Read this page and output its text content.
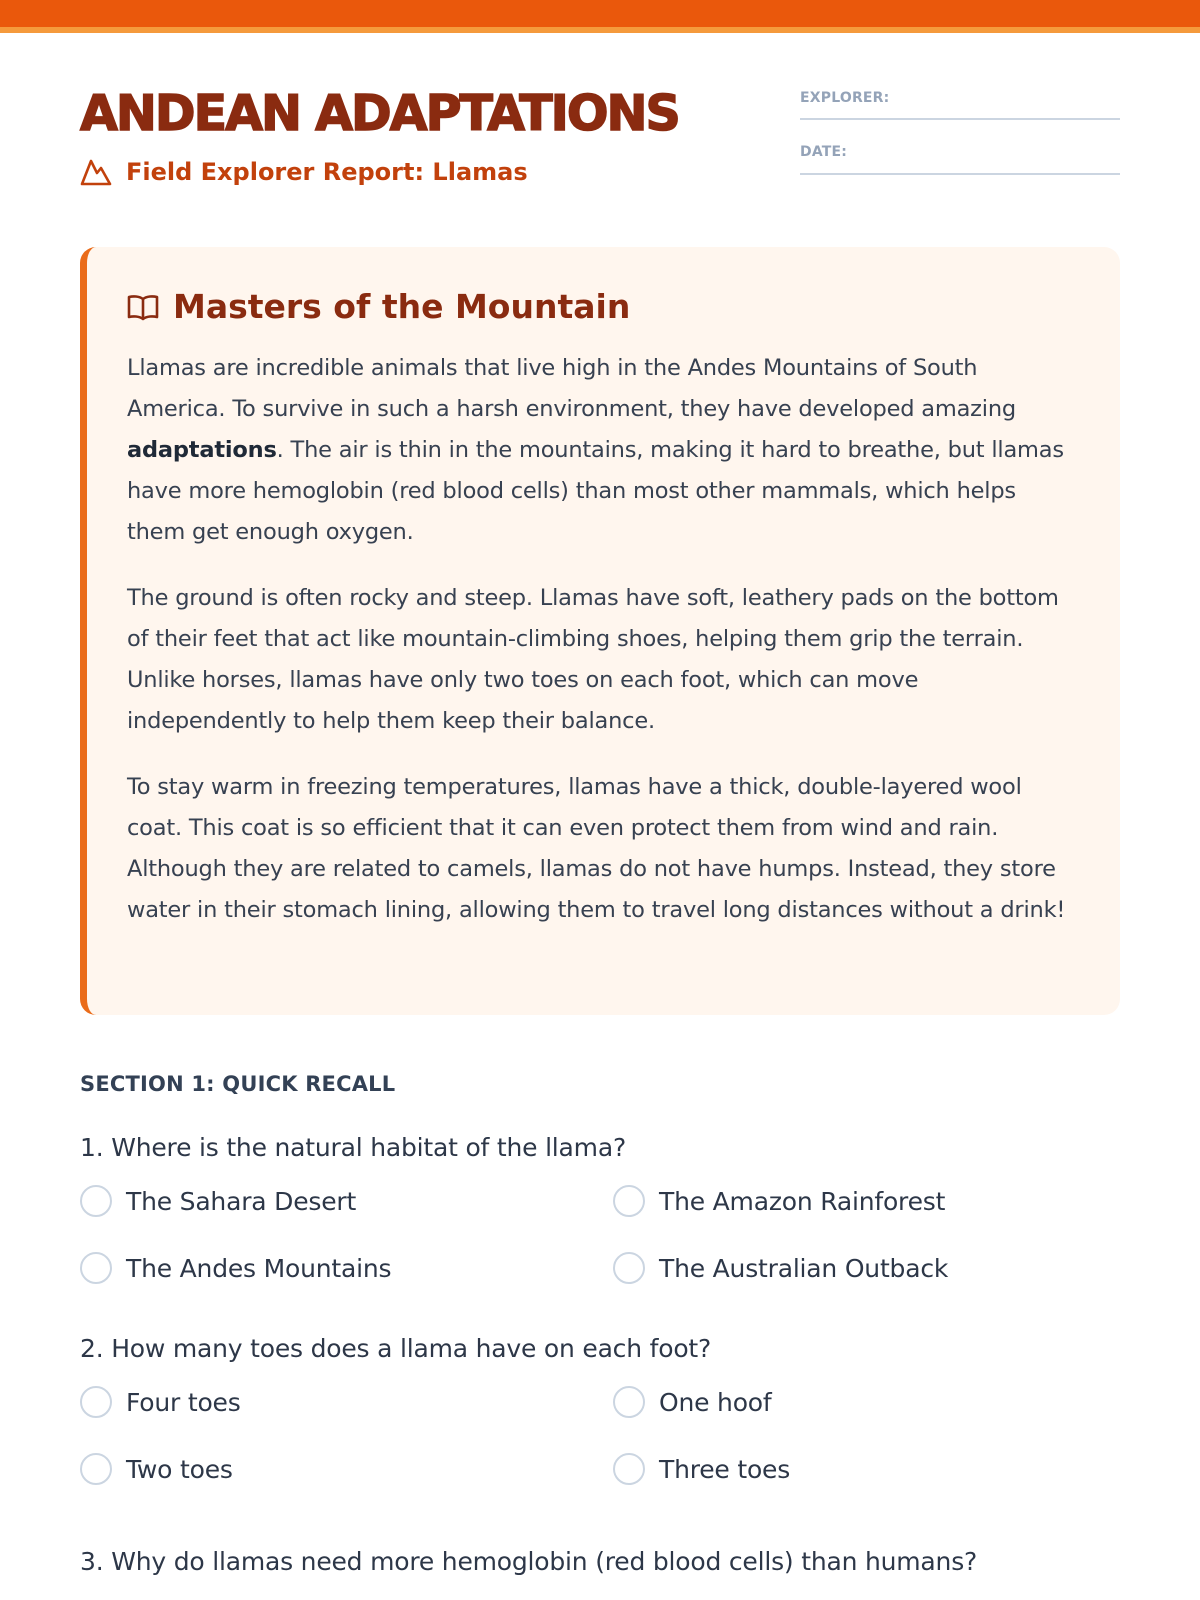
ANDEAN ADAPTATIONS
Field Explorer Report: Llamas
EXPLORER:
DATE:
Masters of the Mountain

Llamas are incredible animals that live high in the Andes Mountains of South America. To survive in such a harsh environment, they have developed amazing adaptations. The air is thin in the mountains, making it hard to breathe, but llamas have more hemoglobin (red blood cells) than most other mammals, which helps them get enough oxygen.

The ground is often rocky and steep. Llamas have soft, leathery pads on the bottom of their feet that act like mountain-climbing shoes, helping them grip the terrain. Unlike horses, llamas have only two toes on each foot, which can move independently to help them keep their balance.

To stay warm in freezing temperatures, llamas have a thick, double-layered wool coat. This coat is so efficient that it can even protect them from wind and rain. Although they are related to camels, llamas do not have humps. Instead, they store water in their stomach lining, allowing them to travel long distances without a drink!

SECTION 1: QUICK RECALL
1. Where is the natural habitat of the llama?
The Sahara Desert	The Amazon Rainforest
The Andes Mountains	The Australian Outback
2. How many toes does a llama have on each foot?
Four toes	One hoof
Two toes	Three toes
3. Why do llamas need more hemoglobin (red blood cells) than humans?
